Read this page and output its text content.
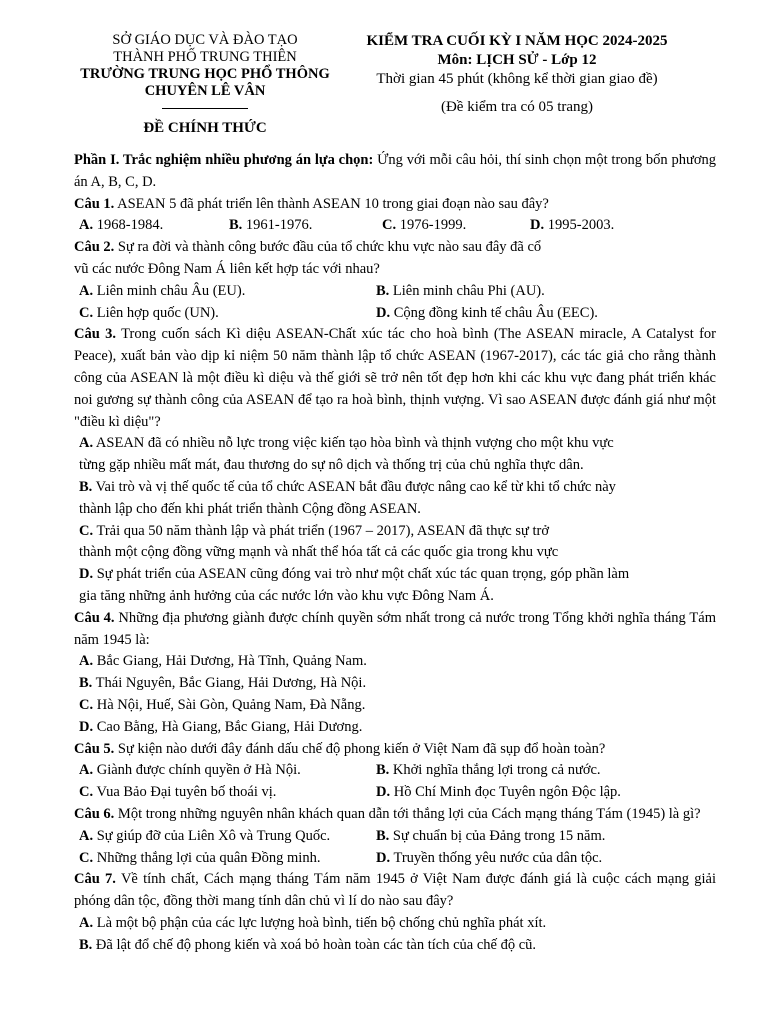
SỞ GIÁO DỤC VÀ ĐÀO TẠO
THÀNH PHỐ TRUNG THIÊN
TRƯỜNG TRUNG HỌC PHỔ THÔNG
CHUYÊN LÊ VÂN
ĐỀ CHÍNH THỨC
KIỂM TRA CUỐI KỲ I NĂM HỌC 2024-2025
Môn: LỊCH SỬ - Lớp 12
Thời gian 45 phút (không kể thời gian giao đề)
(Đề kiểm tra có 05 trang)

Phần I. Trắc nghiệm nhiều phương án lựa chọn: Ứng với mỗi câu hỏi, thí sinh chọn một trong bốn phương án A, B, C, D.

Câu 1. ASEAN 5 đã phát triển lên thành ASEAN 10 trong giai đoạn nào sau đây?

A. 1968-1984.	B. 1961-1976.	C. 1976-1999.	D. 1995-2003.

Câu 2. Sự ra đời và thành công bước đầu của tổ chức khu vực nào sau đây đã cổ

vũ các nước Đông Nam Á liên kết hợp tác với nhau?

A. Liên minh châu Âu (EU).	B. Liên minh châu Phi (AU).
C. Liên hợp quốc (UN).	D. Cộng đồng kinh tế châu Âu (EEC).

Câu 3. Trong cuốn sách Kì diệu ASEAN-Chất xúc tác cho hoà bình (The ASEAN miracle, A Catalyst for Peace), xuất bản vào dịp kỉ niệm 50 năm thành lập tổ chức ASEAN (1967-2017), các tác giả cho rằng thành công của ASEAN là một điều kì diệu và thế giới sẽ trở nên tốt đẹp hơn khi các khu vực đang phát triển khác noi gương sự thành công của ASEAN để tạo ra hoà bình, thịnh vượng. Vì sao ASEAN được đánh giá như một "điều kì diệu"?

A. ASEAN đã có nhiều nỗ lực trong việc kiến tạo hòa bình và thịnh vượng cho một khu vực
từng gặp nhiều mất mát, đau thương do sự nô dịch và thống trị của chủ nghĩa thực dân.
B. Vai trò và vị thế quốc tế của tổ chức ASEAN bắt đầu được nâng cao kể từ khi tổ chức này
thành lập cho đến khi phát triển thành Cộng đồng ASEAN.
C. Trải qua 50 năm thành lập và phát triển (1967 – 2017), ASEAN đã thực sự trở
thành một cộng đồng vững mạnh và nhất thể hóa tất cả các quốc gia trong khu vực
D. Sự phát triển của ASEAN cũng đóng vai trò như một chất xúc tác quan trọng, góp phần làm
gia tăng những ảnh hưởng của các nước lớn vào khu vực Đông Nam Á.

Câu 4. Những địa phương giành được chính quyền sớm nhất trong cả nước trong Tổng khởi nghĩa tháng Tám năm 1945 là:

A. Bắc Giang, Hải Dương, Hà Tĩnh, Quảng Nam.
B. Thái Nguyên, Bắc Giang, Hải Dương, Hà Nội.
C. Hà Nội, Huế, Sài Gòn, Quảng Nam, Đà Nẵng.
D. Cao Bằng, Hà Giang, Bắc Giang, Hải Dương.

Câu 5. Sự kiện nào dưới đây đánh dấu chế độ phong kiến ở Việt Nam đã sụp đổ hoàn toàn?

A. Giành được chính quyền ở Hà Nội.	B. Khởi nghĩa thắng lợi trong cả nước.
C. Vua Bảo Đại tuyên bố thoái vị.	D. Hồ Chí Minh đọc Tuyên ngôn Độc lập.

Câu 6. Một trong những nguyên nhân khách quan dẫn tới thắng lợi của Cách mạng tháng Tám (1945) là gì?

A. Sự giúp đỡ của Liên Xô và Trung Quốc.	B. Sự chuẩn bị của Đảng trong 15 năm.
C. Những thắng lợi của quân Đồng minh.	D. Truyền thống yêu nước của dân tộc.

Câu 7. Về tính chất, Cách mạng tháng Tám năm 1945 ở Việt Nam được đánh giá là cuộc cách mạng giải phóng dân tộc, đồng thời mang tính dân chủ vì lí do nào sau đây?

A. Là một bộ phận của các lực lượng hoà bình, tiến bộ chống chủ nghĩa phát xít.
B. Đã lật đổ chế độ phong kiến và xoá bỏ hoàn toàn các tàn tích của chế độ cũ.
